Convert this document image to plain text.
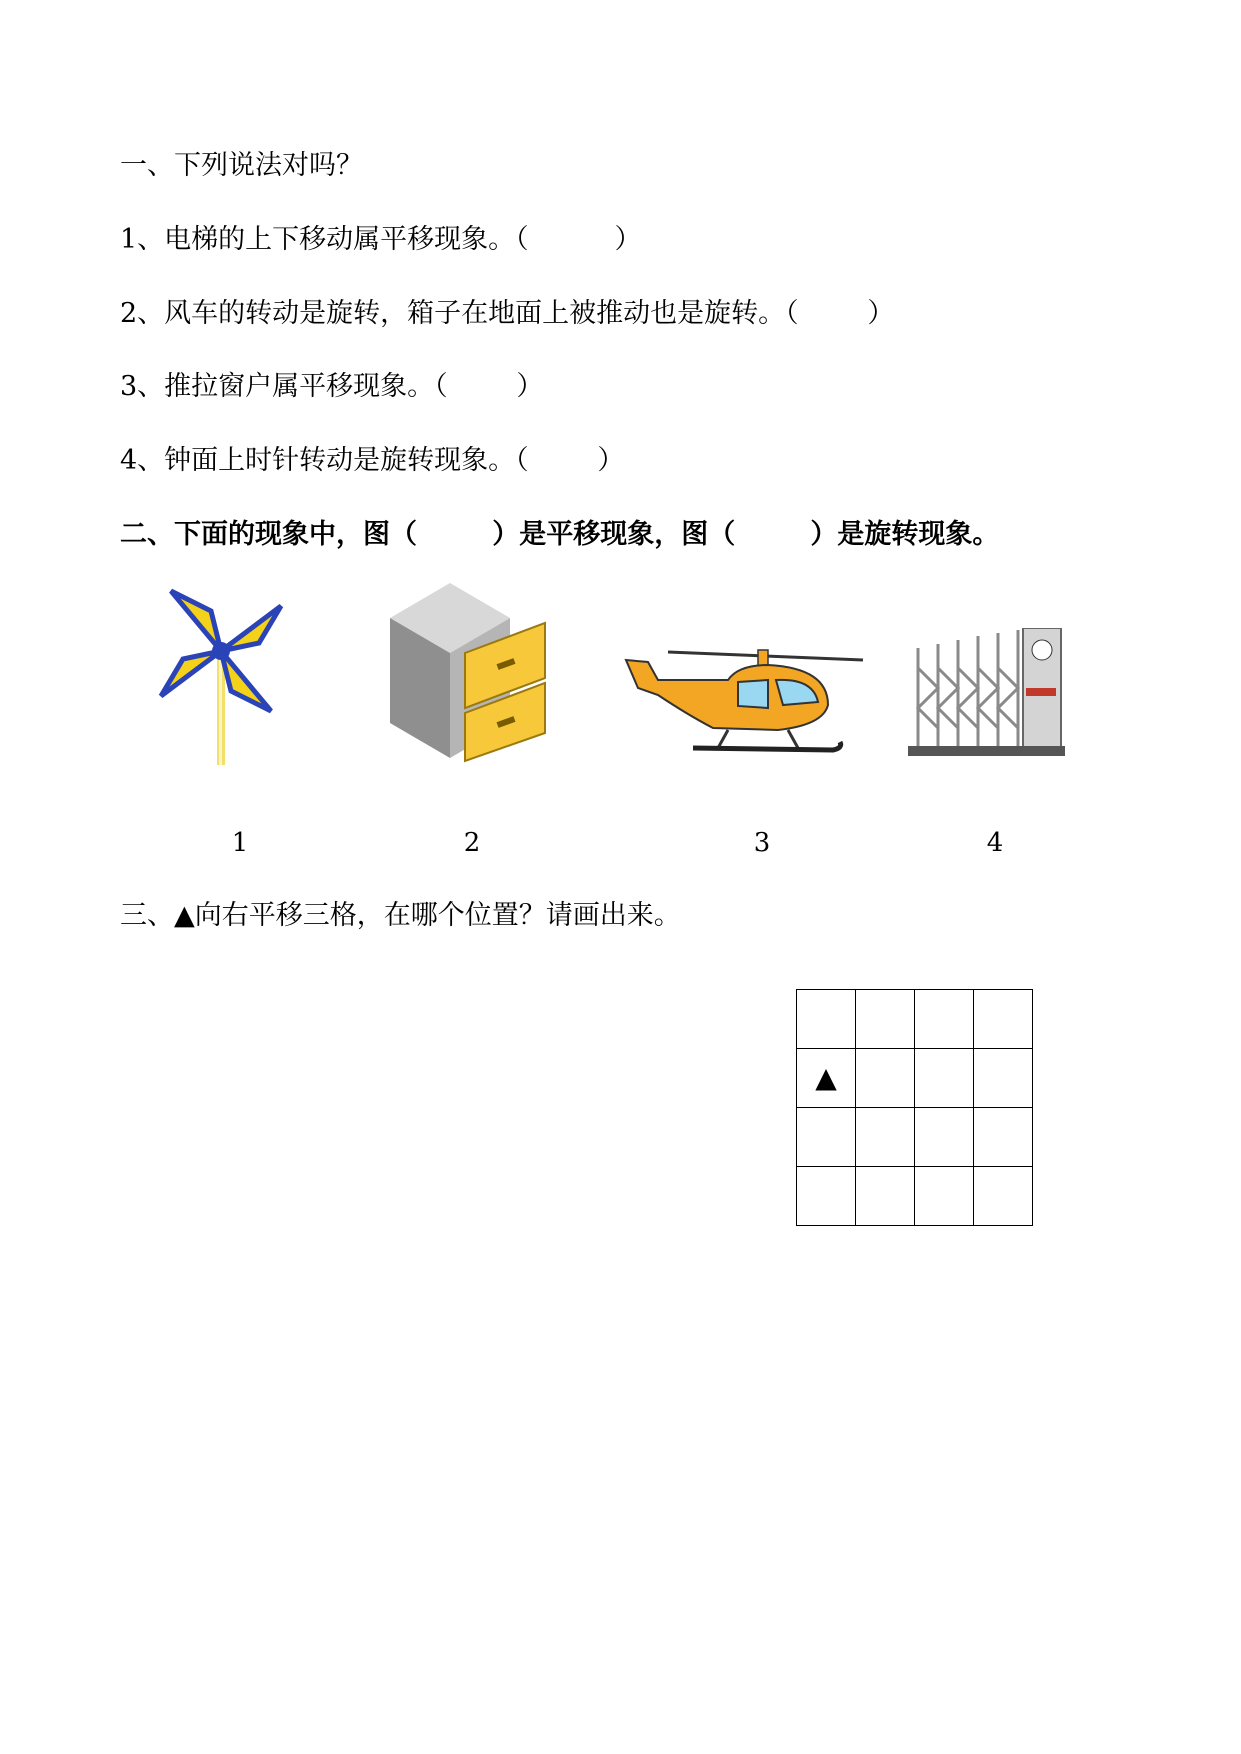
一、下列说法对吗？
1、电梯的上下移动属平移现象。（          ）
2、风车的转动是旋转，箱子在地面上被推动也是旋转。（        ）
3、推拉窗户属平移现象。（        ）
4、钟面上时针转动是旋转现象。（        ）
二、下面的现象中，图（        ）是平移现象，图（        ）是旋转现象。
1	2	3	4
三、▲向右平移三格，在哪个位置？请画出来。

▲			
